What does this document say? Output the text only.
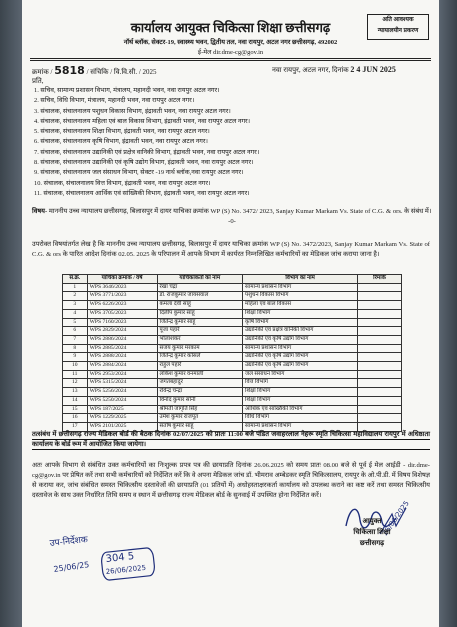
अति आवश्यक
न्यायालयीन प्रकरण
कार्यालय आयुक्त चिकित्सा शिक्षा छत्तीसगढ़
नॉर्थ ब्लॉक, सेक्टर-19, स्वास्थ्य भवन, द्वितीय तल, नवा रायपुर, अटल नगर छत्तीसगढ़, 492002
ई-मेल dir.dme-cg@gov.in
क्रमांक / 5818 / संचिकि / वि.वि.सी. / 2025	नवा रायपुर, अटल नगर, दिनांक 2 4 JUN 2025
प्रति,
1. सचिव, सामान्य प्रशासन विभाग, मंत्रालय, महानदी भवन, नवा रायपुर अटल नगर।
2. सचिव, विधि विभाग, मंत्रालय, महानदी भवन, नवा रायपुर अटल नगर।
3. संचालक, संचालनालय पशुधन विकास विभाग, इंद्रावती भवन, नवा रायपुर अटल नगर।
4. संचालक, संचालनालय महिला एवं बाल विकास विभाग, इंद्रावती भवन, नवा रायपुर अटल नगर।
5. संचालक, संचालनालय शिक्षा विभाग, इंद्रावती भवन, नवा रायपुर अटल नगर।
6. संचालक, संचालनालय कृषि विभाग, इंद्रावती भवन, नवा रायपुर अटल नगर।
7. संचालक, संचालनालय उद्यानिकी एवं प्रक्षेत्र वानिकी विभाग, इंद्रावती भवन, नवा रायपुर अटल नगर।
8. संचालक, संचालनालय उद्यानिकी एवं कृषि उद्योग विभाग, इंद्रावती भवन, नवा रायपुर अटल नगर।
9. संचालक, संचालनालय जल संसाधन विभाग, सेक्टर -19 नार्थ ब्लॉक,नवा रायपुर अटल नगर।
10. संचालक, संचालनालय वित्त विभाग, इंद्रावती भवन, नवा रायपुर अटल नगर।
11. संचालक, संचालनालय आर्थिक एवं सांख्यिकी विभाग, इंद्रावती भवन, नवा रायपुर अटल नगर।
विषय- माननीय उच्च न्यायालय छत्तीसगढ़, बिलासपुर में दायर याचिका क्रमांक WP (S) No. 3472/ 2023, Sanjay Kumar Markam Vs. State of C.G. & ors. के संबंध में।
-0-
उपरोक्त विषयांतर्गत लेख है कि माननीय उच्च न्यायालय छत्तीसगढ़, बिलासपुर में दायर याचिका क्रमांक WP (S) No. 3472/2023, Sanjay Kumar Markam Vs. State of C.G. & ors के पारित आदेश दिनांक 02.05. 2025 के परिपालन में आपके विभाग में कार्यरत निम्नलिखित कर्मचारियों का मेडिकल जांच कराया जाना है।
सं.क्र.	याचिका क्रमांक / वर्ष	याचिकाकर्ता का नाम	विभाग का नाम	रिमार्क
1	WPS 3646/2023	रेखा चंद्रा	सामान्य प्रशासन विभाग	
2	WPS 3771/2023	डॉ. राजकुमार जायसवाल	पशुधन विकास विभाग	
3	WPS 6226/2023	कमला देवी साहू	महिला एवं बाल विकास	
4	WPS 3705/2023	दिलीप कुमार साहू	शिक्षा विभाग	
5	WPS 7160/2023	जितेन्द्र कुमार साहू	कृषि विभाग	
6	WPS 2829/2024	पूजा पहारे	उद्यानिकी एवं प्रक्षेत्र वानिकी विभाग	
7	WPS 2886/2024	भोलाशंकर	उद्यानिकी एवं कृषि उद्योग विभाग	
8	WPS 2885/2024	संजय कुमार मरकाम	सामान्य प्रशासन विभाग	
9	WPS 2888/2024	जितेन्द्र कुमार कोसले	उद्यानिकी एवं कृषि उद्योग विभाग	
10	WPS 2884/2024	राहुल पहारे	उद्यानिकी एवं कृषि उद्योग विभाग	
11	WPS 2953/2024	लोकेश कुमार वनमाली	जल संसाधन विभाग	
12	WPS 5315/2024	जगतबहादुर	वित्त विभाग	
13	WPS 5256/2024	रविन्द्र चन्द्रा	शिक्षा विभाग	
14	WPS 5250/2024	विनोद कुमार सोनी	शिक्षा विभाग	
15	WPS 187/2025	श्रीमती जागृति सिंह	आर्थिक एवं सांख्यिकी विभाग	
16	WPS 1229/2025	उमेश कुमार राजपूत	विधि विभाग	
17	WPS 2101/2025	संतोष कुमार साहू	सामान्य प्रशासन विभाग	
तत्संबंध में छत्तीसगढ़ राज्य मेडिकल बोर्ड की बैठक दिनांक 02/07/2025 को प्रातः 11:00 बजे पंडित जवाहरलाल नेहरू स्मृति चिकित्सा महाविद्यालय रायपुर में अधिष्ठाता कार्यालय के बोर्ड रूम में आयोजित किया जायेगा।
अतः आपके विभाग से संबंधित उक्त कर्मचारियों का निःशुल्क प्रपत्र पत्र की छायाप्रति दिनांक 26.06.2025 को समय प्रातः 08.00 बजे से पूर्व ई मेल आईडी - dir.dme-cg@gov.in पर प्रेषित करें तथा सभी कर्मचारियों को निर्देशित करें कि वे अपना मेडिकल जांच डॉ. भीमराव अम्बेडकर स्मृति चिकित्सालय, रायपुर के ओ.पी.डी. में विषय विशेषज्ञ से कराया कर, जांच संबंधित समस्त चिकित्सीय दस्तावेजों की छायाप्रति (01 प्रतियों में) अधोहस्ताक्षरकर्ता कार्यालय को उपलब्ध कराने का कष्ट करें तथा समस्त चिकित्सीय दस्तावेज के साथ उक्त निर्धारित तिथि समय व स्थान में छत्तीसगढ़ राज्य मेडिकल बोर्ड के सुनवाई में उपस्थित होना निर्देशित करें।
26/06/2025
आयुक्त
चिकित्सा शिक्षा
छत्तीसगढ़
उप-निर्देशक
25/06/25
304 5
26/06/2025
